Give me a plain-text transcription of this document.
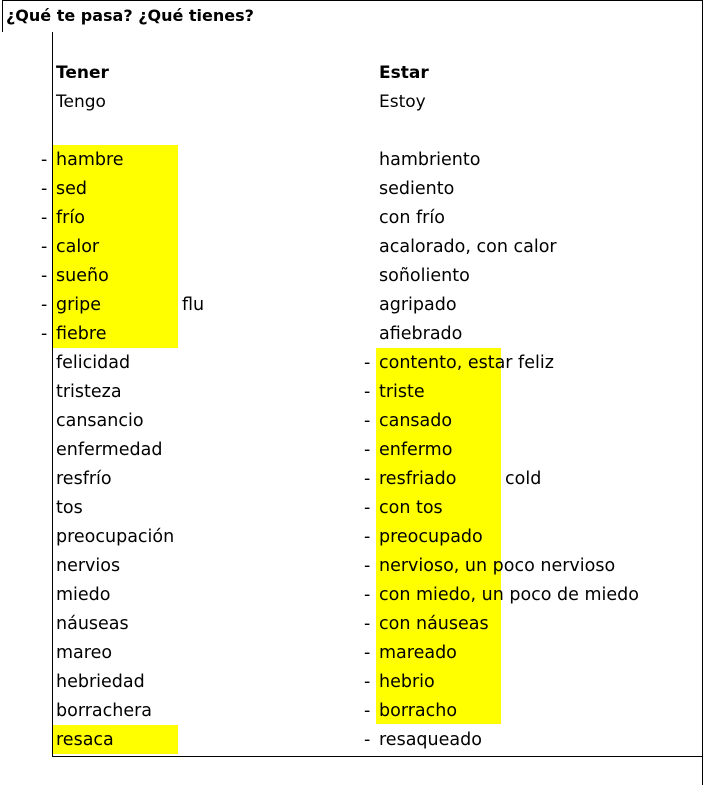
¿Qué te pasa? ¿Qué tienes?
Tener	Estar
Tengo	Estoy
- hambre	hambriento
- sed	sediento
- frío	con frío
- calor	acalorado, con calor
- sueño	soñoliento
- gripe	flu	agripado
- fiebre	afiebrado
felicidad	- contento, estar feliz
tristeza	- triste
cansancio	- cansado
enfermedad	- enfermo
resfrío	- resfriado	cold
tos	- con tos
preocupación	- preocupado
nervios	- nervioso, un poco nervioso
miedo	- con miedo, un poco de miedo
náuseas	- con náuseas
mareo	- mareado
hebriedad	- hebrio
borrachera	- borracho
resaca	- resaqueado
